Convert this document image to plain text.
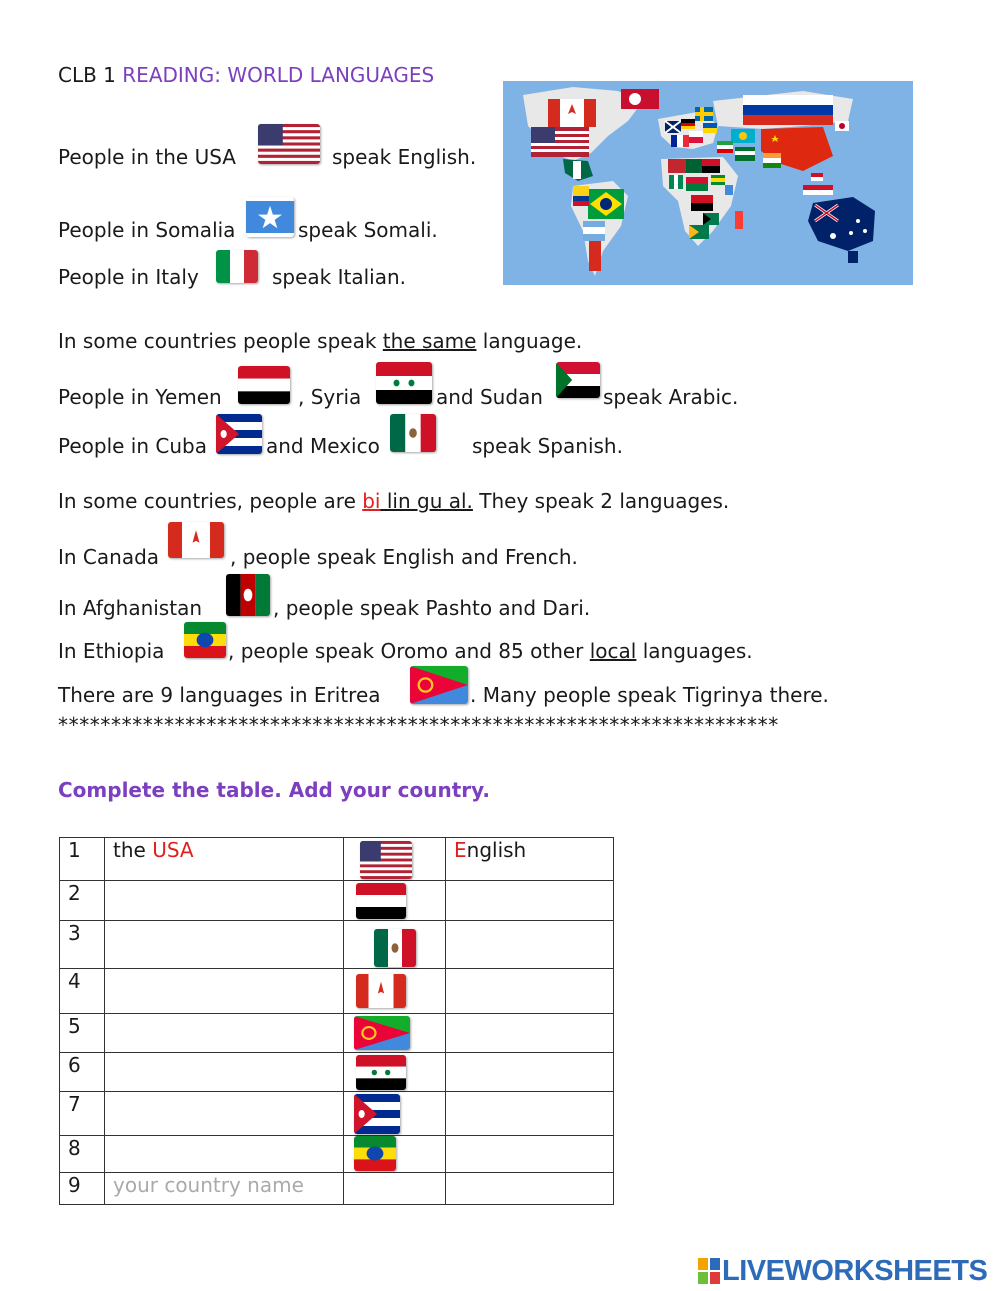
CLB 1 READING: WORLD LANGUAGES
People in the USA	speak English.
People in Somalia	speak Somali.
People in Italy	speak Italian.
In some countries people speak the same language.
People in Yemen	, Syria	and Sudan	speak Arabic.
People in Cuba	and Mexico	speak Spanish.
In some countries, people are bi lin gu al. They speak 2 languages.
In Canada	, people speak English and French.
In Afghanistan	, people speak Pashto and Dari.
In Ethiopia	, people speak Oromo and 85 other local languages.
There are 9 languages in Eritrea	. Many people speak Tigrinya there.
********************************************************************
Complete the table. Add your country.
1	the USA		English
2		

3		

4		

5		

6		

7		

8		

9	your country name		
LIVEWORKSHEETS
